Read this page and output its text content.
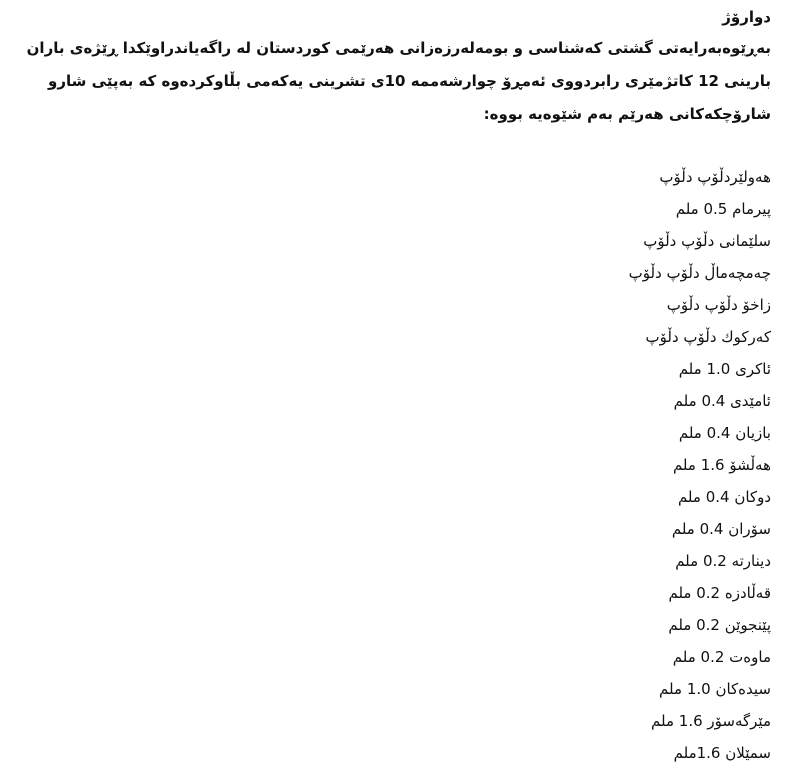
دوارۆژ

بەڕێوەبەرایەتی گشتی کەشناسی و بومەلەرزەزانی هەرێمی کوردستان لە راگەیاندراوێکدا ڕێژەی باران بارینی 12 کاتژمێری رابردووی ئەمڕۆ چوارشەممە 10ی تشرینی یەکەمی بڵاوکردەوە کە بەپێی شارو شارۆچکەکانی هەرێم بەم شێوەیە بووە:

هەولێردڵۆپ دڵۆپ
پیرمام 0.5 ملم
سلێمانی دڵۆپ دڵۆپ
چەمچەماڵ دڵۆپ دڵۆپ
زاخۆ دڵۆپ دڵۆپ
کەرکوك دڵۆپ دڵۆپ
ئاکری 1.0 ملم
ئامێدی 0.4 ملم
بازیان 0.4 ملم
هەڵشۆ 1.6 ملم
دوکان 0.4 ملم
سۆران 0.4 ملم
دینارتە 0.2 ملم
قەڵادزە 0.2 ملم
پێنجوێن 0.2 ملم
ماوەت 0.2 ملم
سیدەکان 1.0 ملم
مێرگەسۆر 1.6 ملم
سمێلان 1.6ملم
